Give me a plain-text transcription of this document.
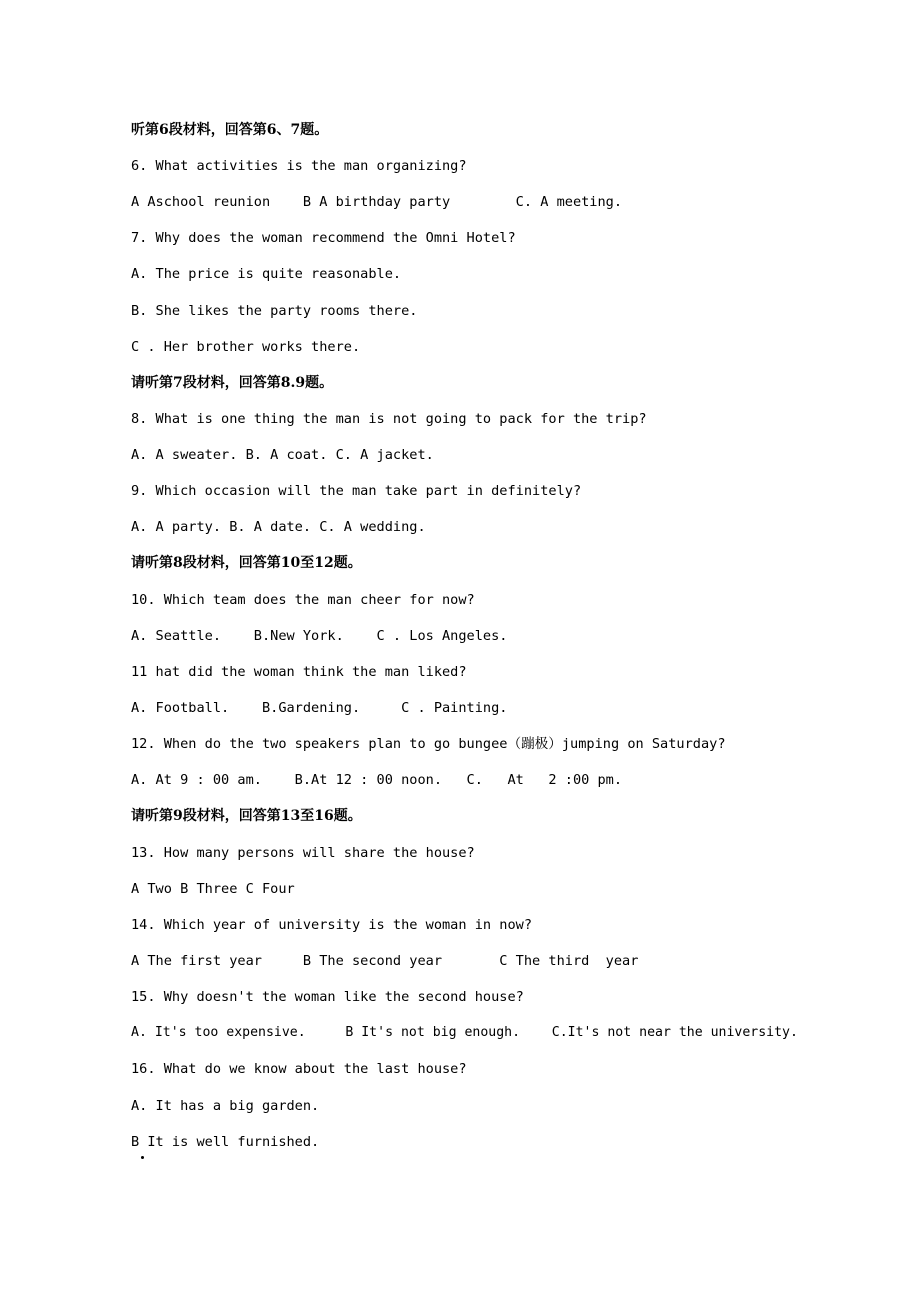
听第6段材料，回答第6、7题。
6. What activities is the man organizing?
A Aschool reunion    B A birthday party        C. A meeting.
7. Why does the woman recommend the Omni Hotel?
A. The price is quite reasonable.
B. She likes the party rooms there.
C . Her brother works there.
请听第7段材料，回答第8.9题。
8. What is one thing the man is not going to pack for the trip?
A. A sweater. B. A coat. C. A jacket.
9. Which occasion will the man take part in definitely?
A. A party. B. A date. C. A wedding.
请听第8段材料，回答第10至12题。
10. Which team does the man cheer for now?
A. Seattle.    B.New York.    C . Los Angeles.
11 hat did the woman think the man liked?
A. Football.    B.Gardening.     C . Painting.
12. When do the two speakers plan to go bungee（蹦极）jumping on Saturday?
A. At 9 : 00 am.    B.At 12 : 00 noon.   C.   At   2 :00 pm.
请听第9段材料，回答第13至16题。
13. How many persons will share the house?
A Two B Three C Four
14. Which year of university is the woman in now?
A The first year     B The second year       C The third  year
15. Why doesn't the woman like the second house?
A. It's too expensive.     B It's not big enough.    C.It's not near the university.
16. What do we know about the last house?
A. It has a big garden.
B It is well furnished.
